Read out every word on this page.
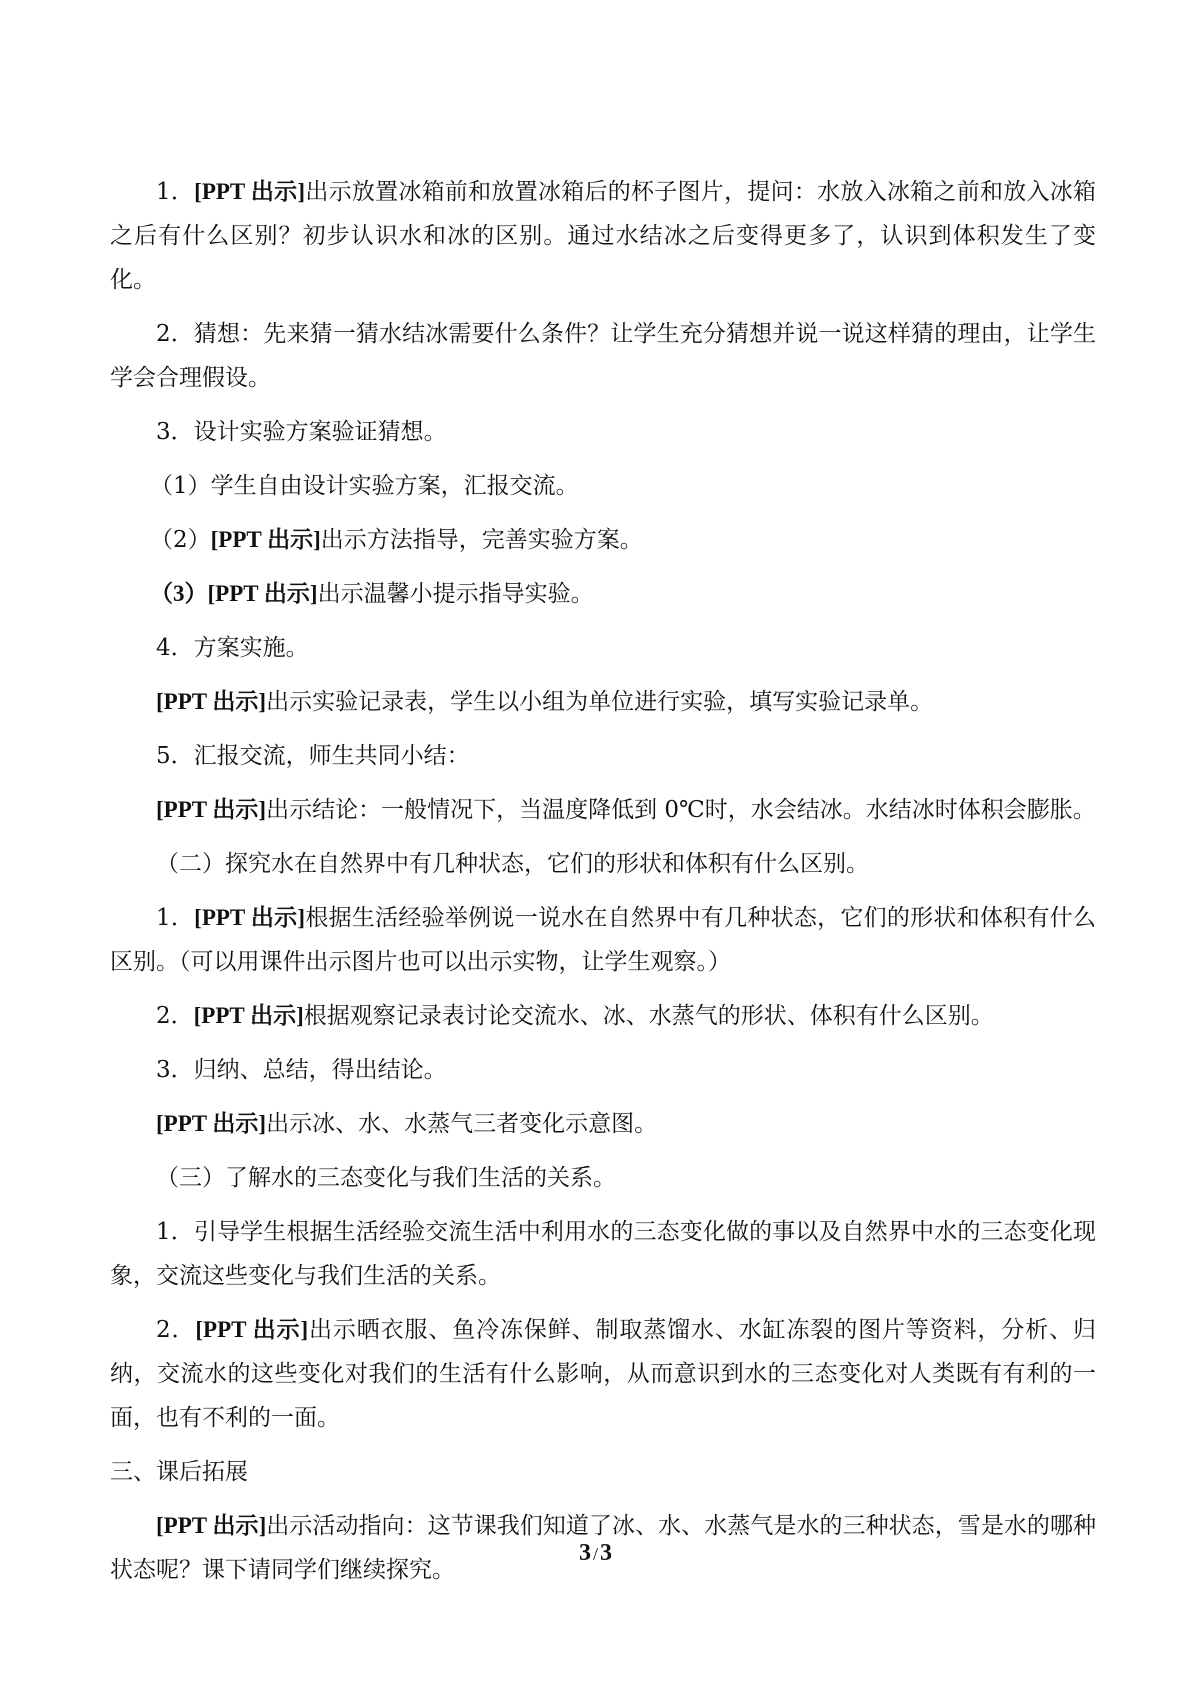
1．[PPT 出示]出示放置冰箱前和放置冰箱后的杯子图片，提问：水放入冰箱之前和放入冰箱之后有什么区别？初步认识水和冰的区别。通过水结冰之后变得更多了，认识到体积发生了变化。

2．猜想：先来猜一猜水结冰需要什么条件？让学生充分猜想并说一说这样猜的理由，让学生学会合理假设。

3．设计实验方案验证猜想。

（1）学生自由设计实验方案，汇报交流。

（2）[PPT 出示]出示方法指导，完善实验方案。

（3）[PPT 出示]出示温馨小提示指导实验。

4．方案实施。

[PPT 出示]出示实验记录表，学生以小组为单位进行实验，填写实验记录单。

5．汇报交流，师生共同小结：

[PPT 出示]出示结论：一般情况下，当温度降低到 0℃时，水会结冰。水结冰时体积会膨胀。

（二）探究水在自然界中有几种状态，它们的形状和体积有什么区别。

1．[PPT 出示]根据生活经验举例说一说水在自然界中有几种状态，它们的形状和体积有什么区别。（可以用课件出示图片也可以出示实物，让学生观察。）

2．[PPT 出示]根据观察记录表讨论交流水、冰、水蒸气的形状、体积有什么区别。

3．归纳、总结，得出结论。

[PPT 出示]出示冰、水、水蒸气三者变化示意图。

（三）了解水的三态变化与我们生活的关系。

1．引导学生根据生活经验交流生活中利用水的三态变化做的事以及自然界中水的三态变化现象，交流这些变化与我们生活的关系。

2．[PPT 出示]出示晒衣服、鱼冷冻保鲜、制取蒸馏水、水缸冻裂的图片等资料，分析、归纳，交流水的这些变化对我们的生活有什么影响，从而意识到水的三态变化对人类既有有利的一面，也有不利的一面。

三、课后拓展

[PPT 出示]出示活动指向：这节课我们知道了冰、水、水蒸气是水的三种状态，雪是水的哪种状态呢？课下请同学们继续探究。

3 /3
